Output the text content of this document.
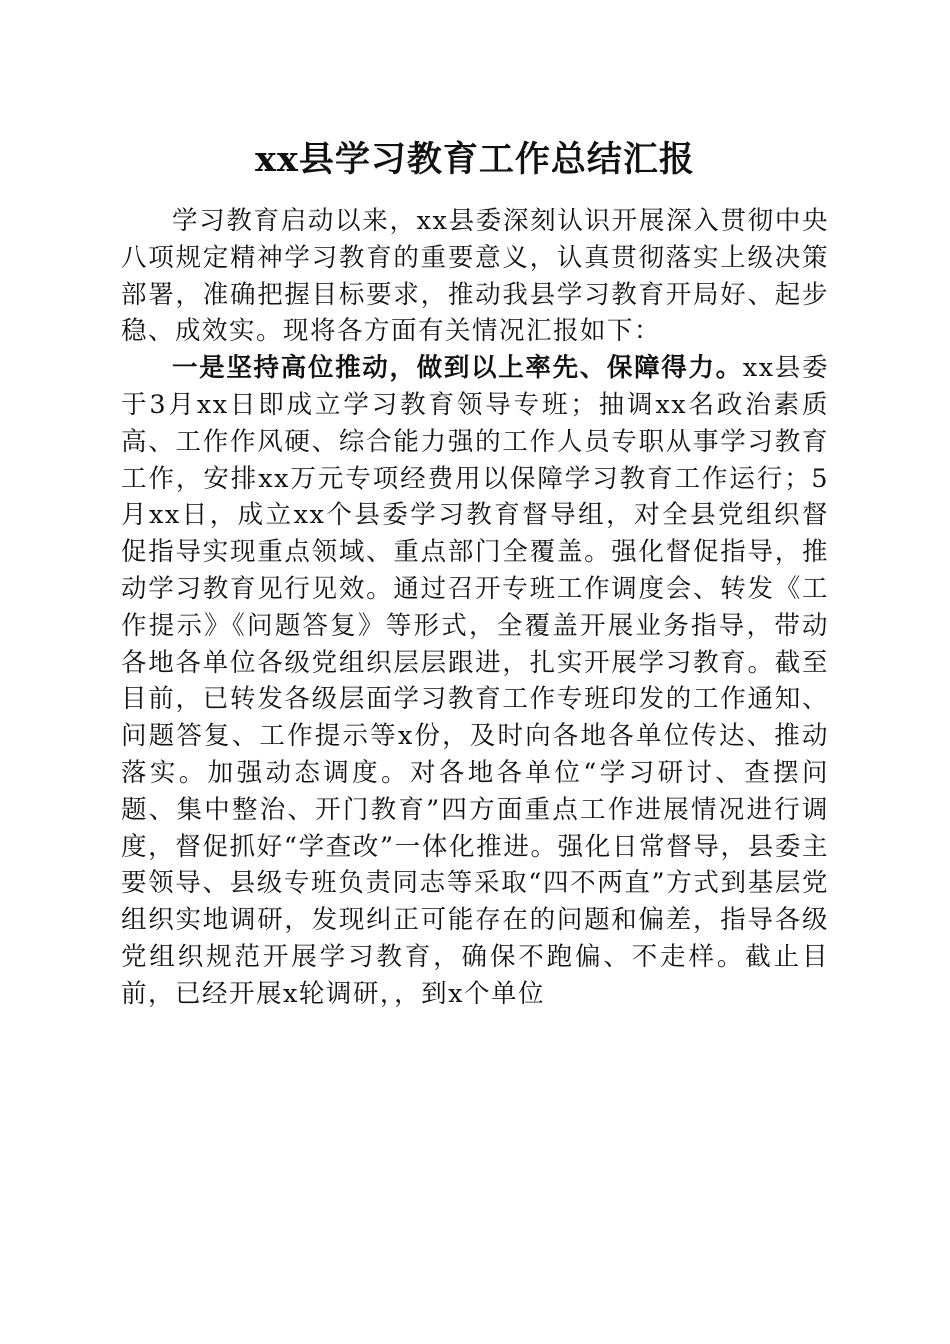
xx县学习教育工作总结汇报

学习教育启动以来，xx县委深刻认识开展深入贯彻中央八项规定精神学习教育的重要意义，认真贯彻落实上级决策部署，准确把握目标要求，推动我县学习教育开局好、起步稳、成效实。现将各方面有关情况汇报如下：

一是坚持高位推动，做到以上率先、保障得力。xx县委于3月xx日即成立学习教育领导专班；抽调xx名政治素质高、工作作风硬、综合能力强的工作人员专职从事学习教育工作，安排xx万元专项经费用以保障学习教育工作运行；5月xx日，成立xx个县委学习教育督导组，对全县党组织督促指导实现重点领域、重点部门全覆盖。强化督促指导，推动学习教育见行见效。通过召开专班工作调度会、转发《工作提示》《问题答复》等形式，全覆盖开展业务指导，带动各地各单位各级党组织层层跟进，扎实开展学习教育。截至目前，已转发各级层面学习教育工作专班印发的工作通知、问题答复、工作提示等x份，及时向各地各单位传达、推动落实。加强动态调度。对各地各单位“学习研讨、查摆问题、集中整治、开门教育”四方面重点工作进展情况进行调度，督促抓好“学查改”一体化推进。强化日常督导，县委主要领导、县级专班负责同志等采取“四不两直”方式到基层党组织实地调研，发现纠正可能存在的问题和偏差，指导各级党组织规范开展学习教育，确保不跑偏、不走样。截止目前，已经开展x轮调研，，到x个单位
